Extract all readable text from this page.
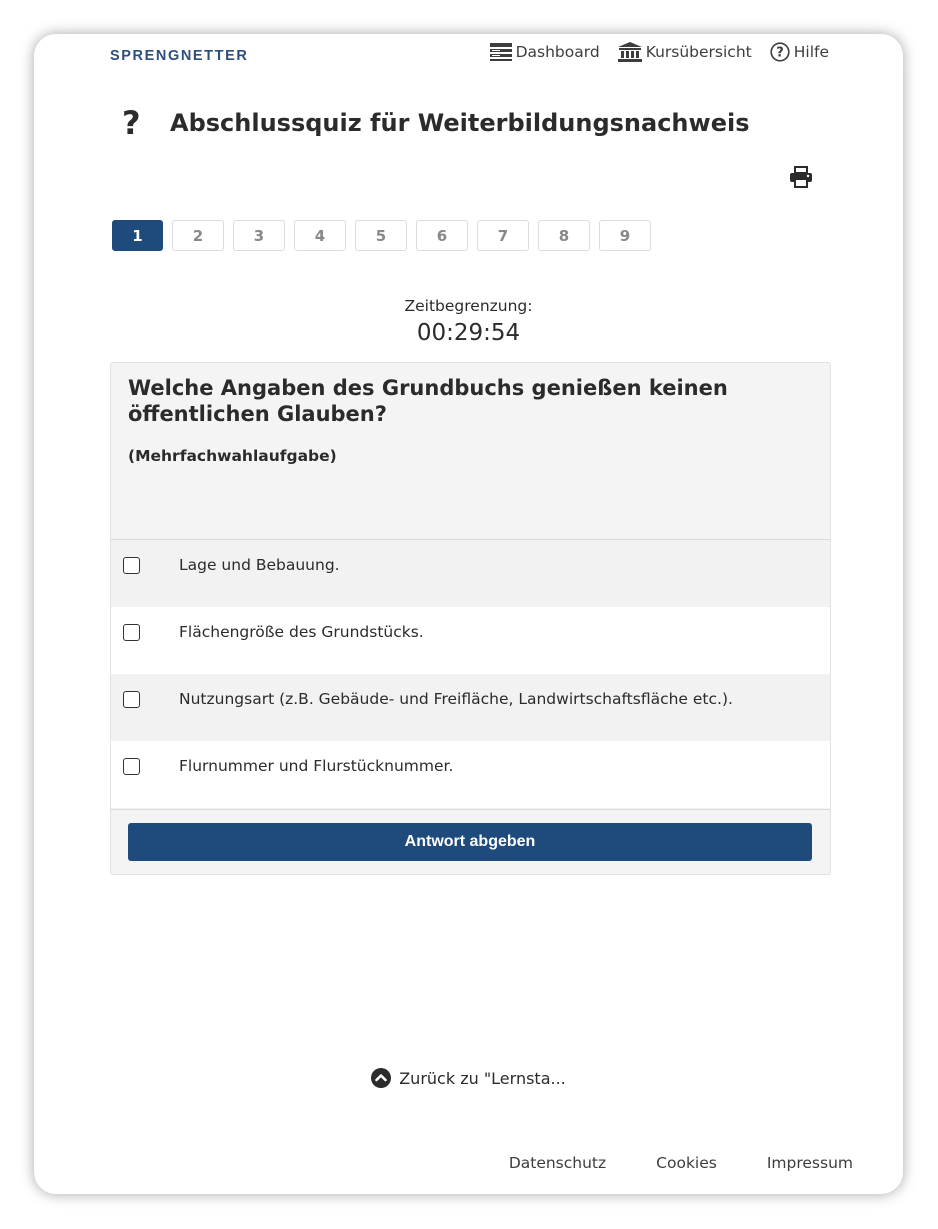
SPRENGNETTER	Dashboard	Kursübersicht ? Hilfe
?	Abschlussquiz für Weiterbildungsnachweis
1	2	3	4	5	6	7	8	9
Zeitbegrenzung:
00:29:54
Welche Angaben des Grundbuchs genießen keinen öffentlichen Glauben?
(Mehrfachwahlaufgabe)
Lage und Bebauung.
Flächengröße des Grundstücks.
Nutzungsart (z.B. Gebäude- und Freifläche, Landwirtschaftsfläche etc.).
Flurnummer und Flurstücknummer.
Antwort abgeben
Zurück zu "Lernsta...
Datenschutz	Cookies	Impressum
